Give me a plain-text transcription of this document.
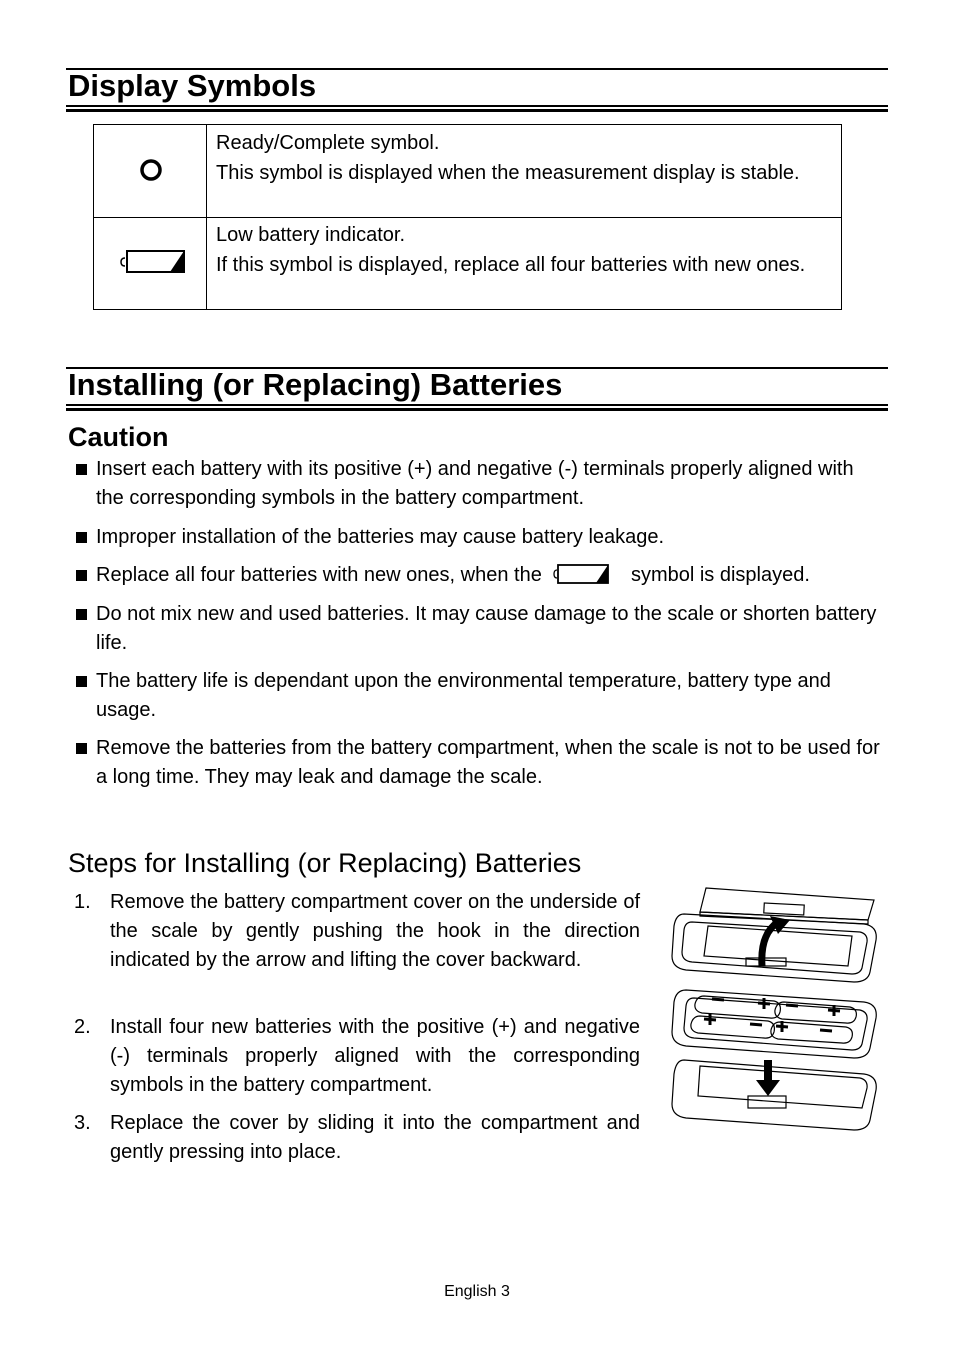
Display Symbols
Ready/Complete symbol.
This symbol is displayed when the measurement display is stable.
Low battery indicator.
If this symbol is displayed, replace all four batteries with new ones.
Installing (or Replacing) Batteries
Caution
Insert each battery with its positive (+) and negative (-) terminals properly aligned with the corresponding symbols in the battery compartment.
Improper installation of the batteries may cause battery leakage.
Replace all four batteries with new ones, when the	symbol is displayed.
Do not mix new and used batteries. It may cause damage to the scale or shorten battery life.
The battery life is dependant upon the environmental temperature, battery type and usage.
Remove the batteries from the battery compartment, when the scale is not to be used for a long time. They may leak and damage the scale.
Steps for Installing (or Replacing) Batteries
1. Remove the battery compartment cover on the underside of the scale by gently pushing the hook in the direction indicated by the arrow and lifting the cover backward.
2. Install four new batteries with the positive (+) and negative (-) terminals properly aligned with the corresponding symbols in the battery compartment.
3. Replace the cover by sliding it into the compartment and gently pressing into place.
English 3
